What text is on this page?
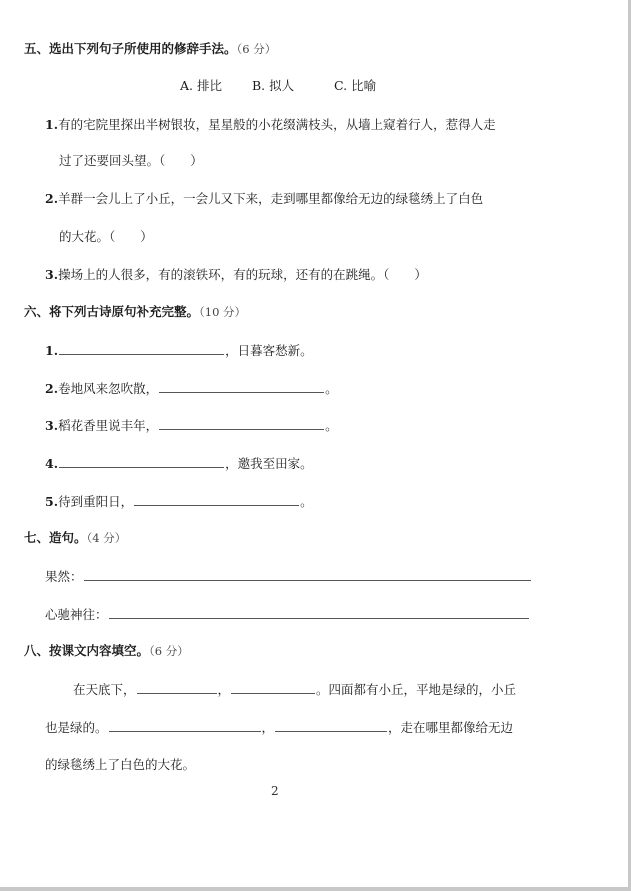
五、选出下列句子所使用的修辞手法。（6 分）
A. 排比 B. 拟人	C. 比喻
1.有的宅院里探出半树银妆，星星般的小花缀满枝头，从墙上窥着行人，惹得人走
过了还要回头望。（　　）
2.羊群一会儿上了小丘，一会儿又下来，走到哪里都像给无边的绿毯绣上了白色
的大花。（　　）
3.操场上的人很多，有的滚铁环，有的玩球，还有的在跳绳。（　　）
六、将下列古诗原句补充完整。（10 分）
1.	，日暮客愁新。
2.卷地风来忽吹散，	。
3.稻花香里说丰年，	。
4.	，邀我至田家。
5.待到重阳日，	。
七、造句。（4 分）
果然：
心驰神往：
八、按课文内容填空。（6 分）
在天底下，	，	。四面都有小丘，平地是绿的，小丘
也是绿的。	，	，走在哪里都像给无边
的绿毯绣上了白色的大花。
2
